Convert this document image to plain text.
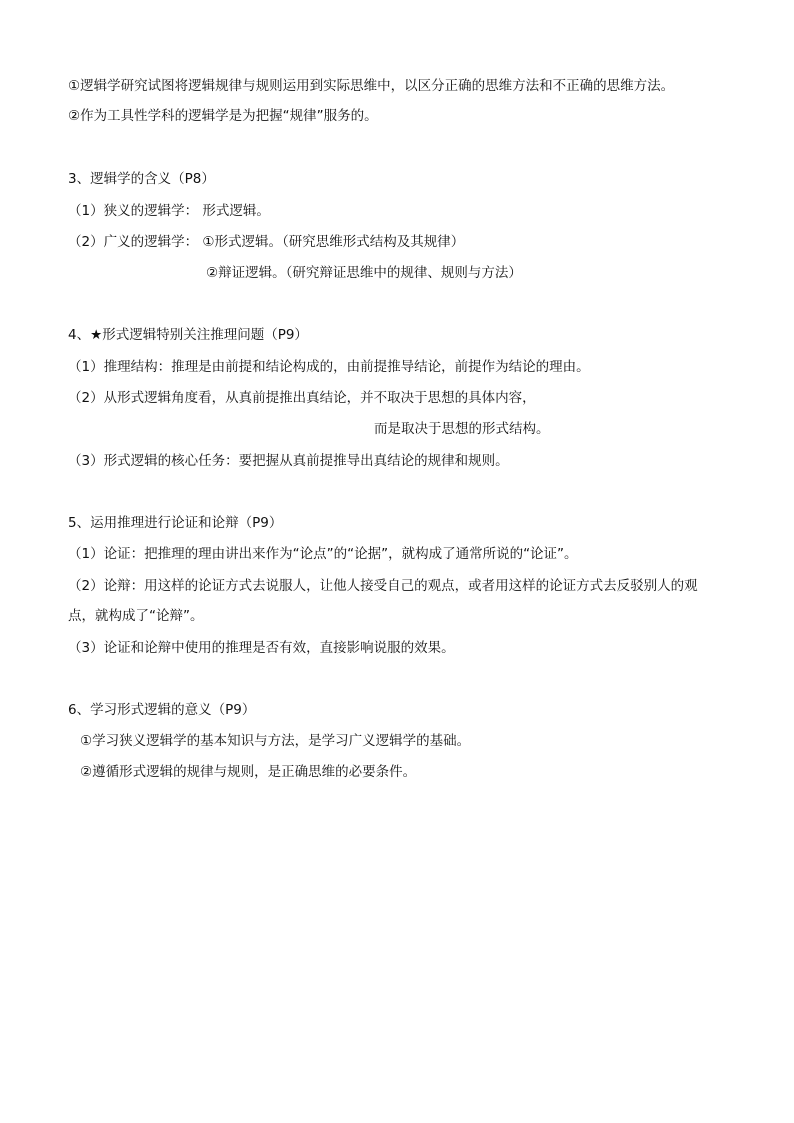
①逻辑学研究试图将逻辑规律与规则运用到实际思维中，以区分正确的思维方法和不正确的思维方法。
②作为工具性学科的逻辑学是为把握“规律”服务的。
3、逻辑学的含义（P8）
（1）狭义的逻辑学： 形式逻辑。
（2）广义的逻辑学： ①形式逻辑。（研究思维形式结构及其规律）
②辩证逻辑。（研究辩证思维中的规律、规则与方法）
4、★形式逻辑特别关注推理问题（P9）
（1）推理结构：推理是由前提和结论构成的，由前提推导结论，前提作为结论的理由。
（2）从形式逻辑角度看，从真前提推出真结论，并不取决于思想的具体内容，
而是取决于思想的形式结构。
（3）形式逻辑的核心任务：要把握从真前提推导出真结论的规律和规则。
5、运用推理进行论证和论辩（P9）
（1）论证：把推理的理由讲出来作为“论点”的“论据”，就构成了通常所说的“论证”。
（2）论辩：用这样的论证方式去说服人，让他人接受自己的观点，或者用这样的论证方式去反驳别人的观
点，就构成了“论辩”。
（3）论证和论辩中使用的推理是否有效，直接影响说服的效果。
6、学习形式逻辑的意义（P9）
①学习狭义逻辑学的基本知识与方法，是学习广义逻辑学的基础。
②遵循形式逻辑的规律与规则，是正确思维的必要条件。
